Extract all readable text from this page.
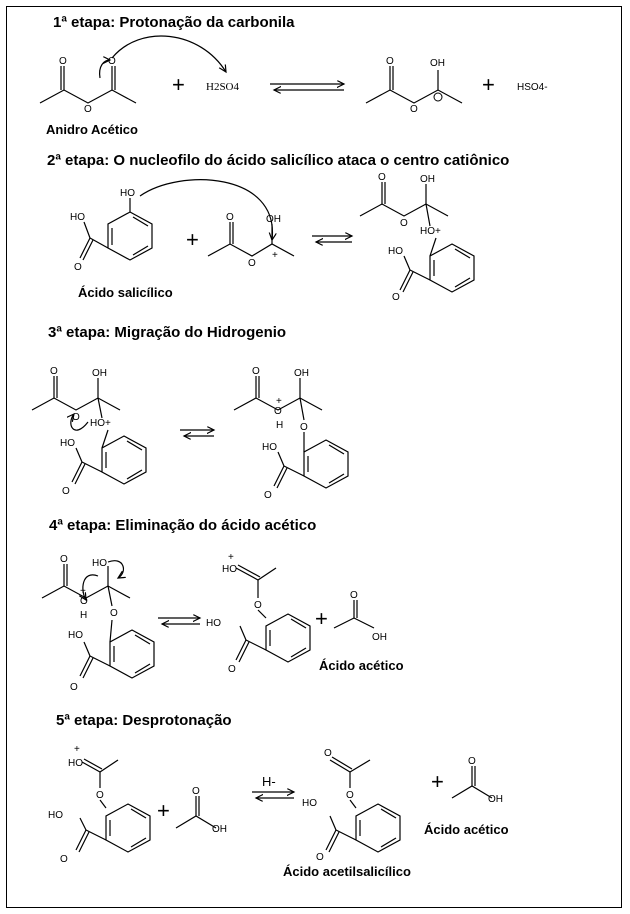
1ª etapa: Protonação da carbonila
2ª etapa: O nucleofilo do ácido salicílico ataca o centro catiônico
3ª etapa: Migração do Hidrogenio
4ª etapa: Eliminação do ácido acético
5ª etapa: Desprotonação
Anidro Acético
Ácido salicílico
Ácido acético
Ácido acético
Ácido acetilsalicílico
+	+
+
+
+
+
O
O
O
H2SO4
O
O
OH
HSO4-
HO
HO
O
O
O
OH
+
O
O
OH
HO+
HO
O
O
O
OH
HO+
HO
O
O
O
+
H
OH
O
HO
O
O
O
+
H
HO
O
HO
O
HO
+
O
HO
O
O
OH
HO
+
O
HO
O
O
OH
H-
O
O
HO
O
O
OH
